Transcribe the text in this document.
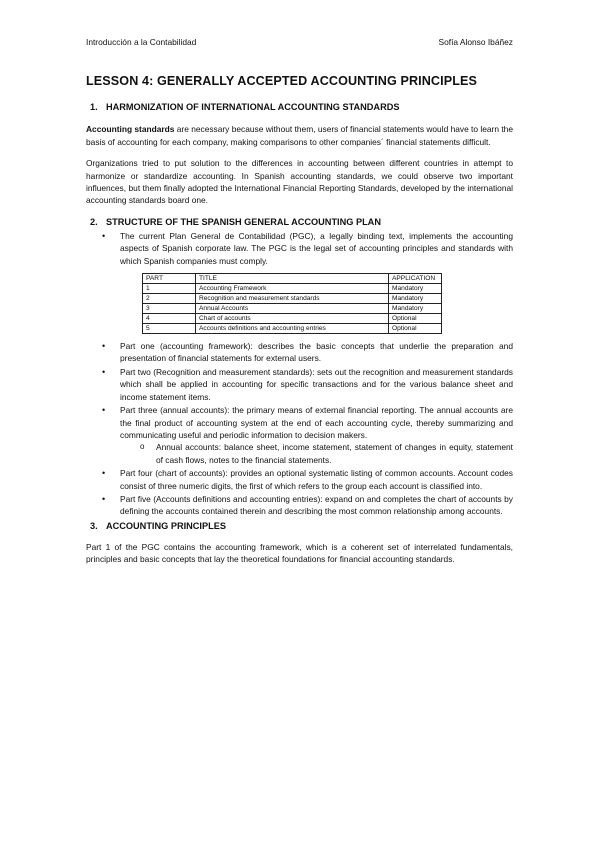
Introducción a la Contabilidad	Sofía Alonso Ibáñez
LESSON 4: GENERALLY ACCEPTED ACCOUNTING PRINCIPLES
1. HARMONIZATION OF INTERNATIONAL ACCOUNTING STANDARDS

Accounting standards are necessary because without them, users of financial statements would have to learn the basis of accounting for each company, making comparisons to other companies´ financial statements difficult.

Organizations tried to put solution to the differences in accounting between different countries in attempt to harmonize or standardize accounting. In Spanish accounting standards, we could observe two important influences, but them finally adopted the International Financial Reporting Standards, developed by the international accounting standards board one.

2. STRUCTURE OF THE SPANISH GENERAL ACCOUNTING PLAN
• The current Plan General de Contabilidad (PGC), a legally binding text, implements the accounting aspects of Spanish corporate law. The PGC is the legal set of accounting principles and standards with which Spanish companies must comply.
PART	TITLE	APPLICATION
1	Accounting Framework	Mandatory
2	Recognition and measurement standards	Mandatory
3	Annual Accounts	Mandatory
4	Chart of accounts	Optional
5	Accounts definitions and accounting entries	Optional
• Part one (accounting framework): describes the basic concepts that underlie the preparation and presentation of financial statements for external users.
• Part two (Recognition and measurement standards): sets out the recognition and measurement standards which shall be applied in accounting for specific transactions and for the various balance sheet and income statement items.
• Part three (annual accounts): the primary means of external financial reporting. The annual accounts are the final product of accounting system at the end of each accounting cycle, thereby summarizing and communicating useful and periodic information to decision makers.
o Annual accounts: balance sheet, income statement, statement of changes in equity, statement of cash flows, notes to the financial statements.
• Part four (chart of accounts): provides an optional systematic listing of common accounts. Account codes consist of three numeric digits, the first of which refers to the group each account is classified into.
• Part five (Accounts definitions and accounting entries): expand on and completes the chart of accounts by defining the accounts contained therein and describing the most common relationship among accounts.
3. ACCOUNTING PRINCIPLES

Part 1 of the PGC contains the accounting framework, which is a coherent set of interrelated fundamentals, principles and basic concepts that lay the theoretical foundations for financial accounting standards.
